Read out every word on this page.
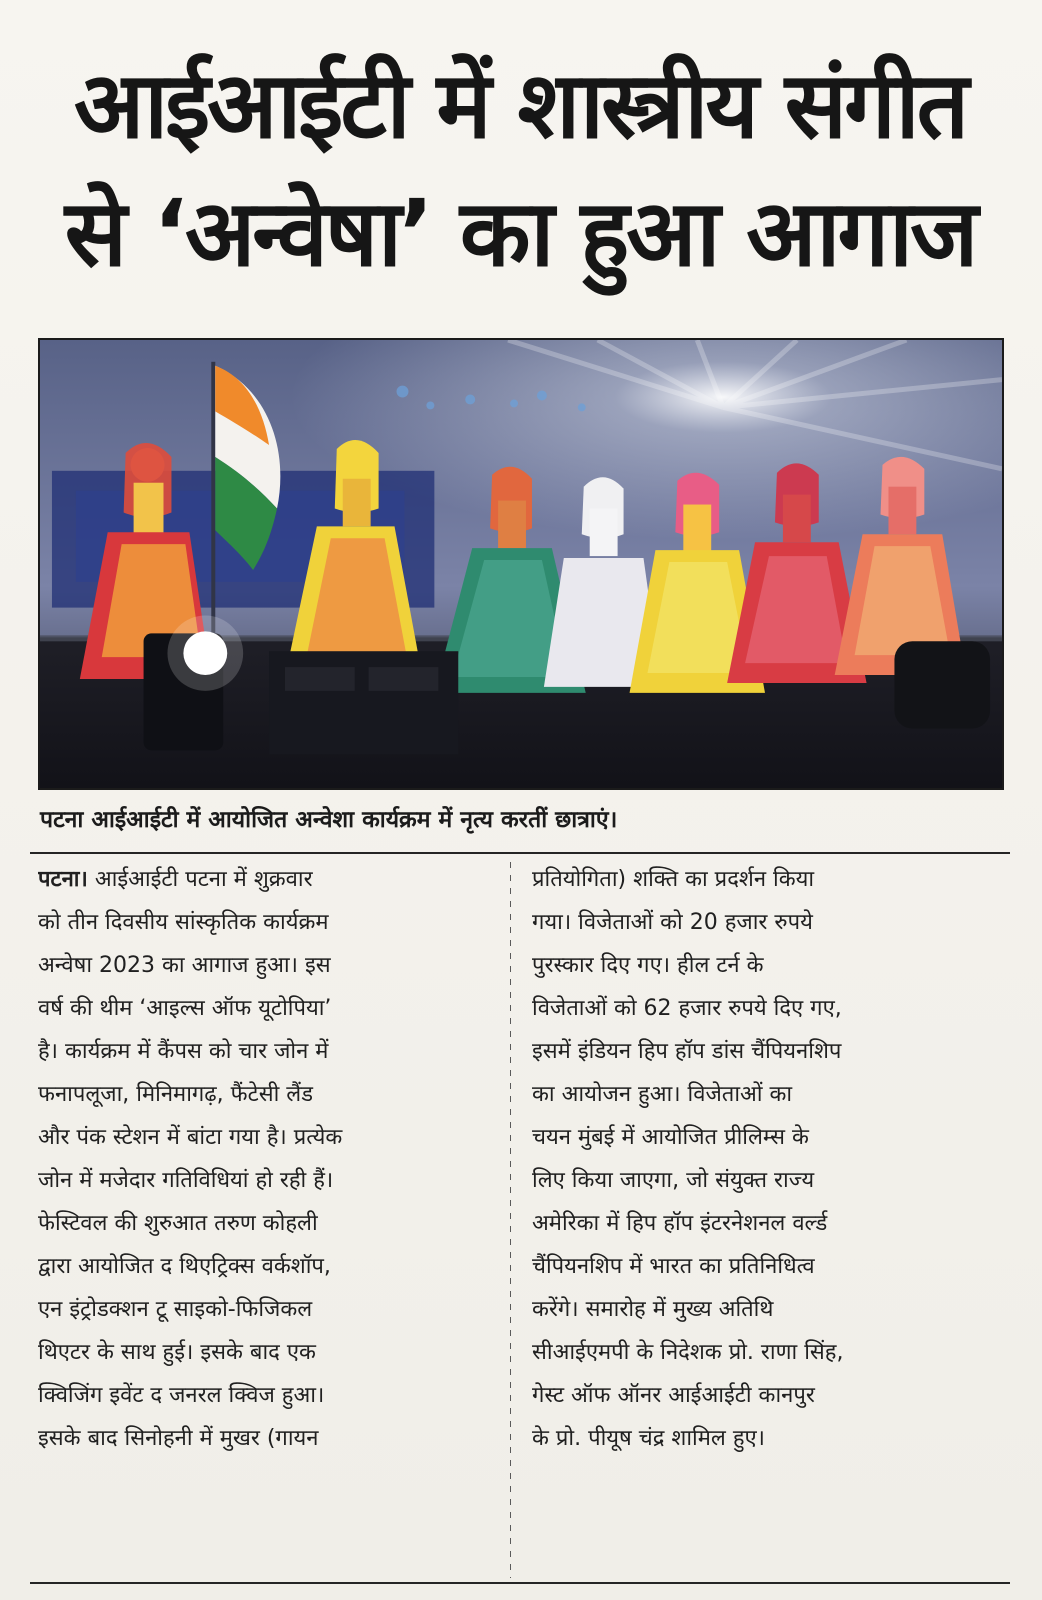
आईआईटी में शास्त्रीय संगीत
से ‘अन्वेषा’ का हुआ आगाज
पटना आईआईटी में आयोजित अन्वेशा कार्यक्रम में नृत्य करतीं छात्राएं।
पटना। आईआईटी पटना में शुक्रवार
को तीन दिवसीय सांस्कृतिक कार्यक्रम
अन्वेषा 2023 का आगाज हुआ। इस
वर्ष की थीम ‘आइल्स ऑफ यूटोपिया’
है। कार्यक्रम में कैंपस को चार जोन में
फनापलूजा, मिनिमागढ़, फैंटेसी लैंड
और पंक स्टेशन में बांटा गया है। प्रत्येक
जोन में मजेदार गतिविधियां हो रही हैं।
फेस्टिवल की शुरुआत तरुण कोहली
द्वारा आयोजित द थिएट्रिक्स वर्कशॉप,
एन इंट्रोडक्शन टू साइको-फिजिकल
थिएटर के साथ हुई। इसके बाद एक
क्विजिंग इवेंट द जनरल क्विज हुआ।
इसके बाद सिनोहनी में मुखर (गायन
प्रतियोगिता) शक्ति का प्रदर्शन किया
गया। विजेताओं को 20 हजार रुपये
पुरस्कार दिए गए। हील टर्न के
विजेताओं को 62 हजार रुपये दिए गए,
इसमें इंडियन हिप हॉप डांस चैंपियनशिप
का आयोजन हुआ। विजेताओं का
चयन मुंबई में आयोजित प्रीलिम्स के
लिए किया जाएगा, जो संयुक्त राज्य
अमेरिका में हिप हॉप इंटरनेशनल वर्ल्ड
चैंपियनशिप में भारत का प्रतिनिधित्व
करेंगे। समारोह में मुख्य अतिथि
सीआईएमपी के निदेशक प्रो. राणा सिंह,
गेस्ट ऑफ ऑनर आईआईटी कानपुर
के प्रो. पीयूष चंद्र शामिल हुए।
